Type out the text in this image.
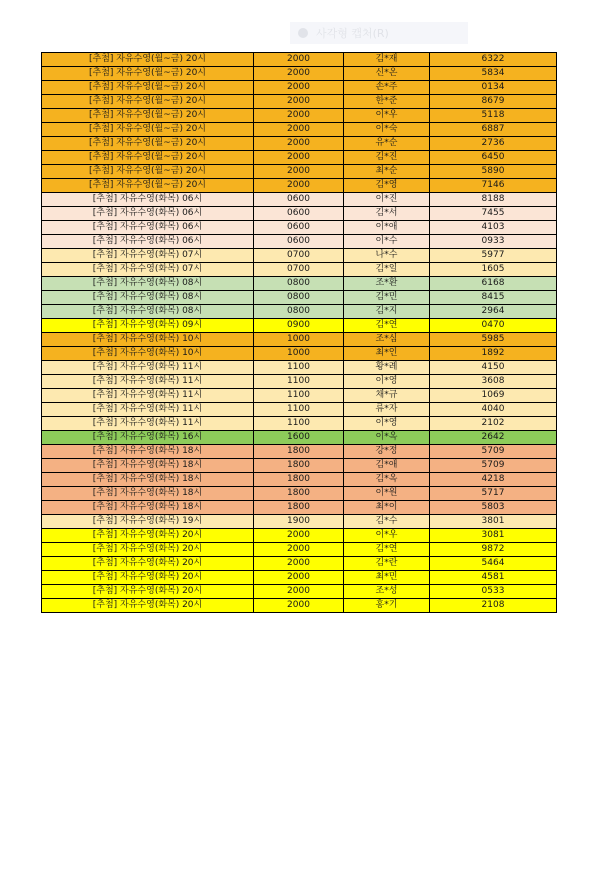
사각형 캡처(R)
[추첨] 자유수영(월~금) 20시	2000	김*재	6322
[추첨] 자유수영(월~금) 20시	2000	신*온	5834
[추첨] 자유수영(월~금) 20시	2000	손*주	0134
[추첨] 자유수영(월~금) 20시	2000	한*준	8679
[추첨] 자유수영(월~금) 20시	2000	이*우	5118
[추첨] 자유수영(월~금) 20시	2000	이*숙	6887
[추첨] 자유수영(월~금) 20시	2000	유*순	2736
[추첨] 자유수영(월~금) 20시	2000	김*진	6450
[추첨] 자유수영(월~금) 20시	2000	최*순	5890
[추첨] 자유수영(월~금) 20시	2000	김*영	7146
[추첨] 자유수영(화목) 06시	0600	이*진	8188
[추첨] 자유수영(화목) 06시	0600	김*서	7455
[추첨] 자유수영(화목) 06시	0600	이*애	4103
[추첨] 자유수영(화목) 06시	0600	이*수	0933
[추첨] 자유수영(화목) 07시	0700	나*수	5977
[추첨] 자유수영(화목) 07시	0700	김*일	1605
[추첨] 자유수영(화목) 08시	0800	조*환	6168
[추첨] 자유수영(화목) 08시	0800	김*민	8415
[추첨] 자유수영(화목) 08시	0800	김*지	2964
[추첨] 자유수영(화목) 09시	0900	김*연	0470
[추첨] 자유수영(화목) 10시	1000	조*심	5985
[추첨] 자유수영(화목) 10시	1000	최*인	1892
[추첨] 자유수영(화목) 11시	1100	황*례	4150
[추첨] 자유수영(화목) 11시	1100	이*영	3608
[추첨] 자유수영(화목) 11시	1100	채*규	1069
[추첨] 자유수영(화목) 11시	1100	류*자	4040
[추첨] 자유수영(화목) 11시	1100	이*영	2102
[추첨] 자유수영(화목) 16시	1600	이*옥	2642
[추첨] 자유수영(화목) 18시	1800	강*정	5709
[추첨] 자유수영(화목) 18시	1800	김*애	5709
[추첨] 자유수영(화목) 18시	1800	김*옥	4218
[추첨] 자유수영(화목) 18시	1800	이*원	5717
[추첨] 자유수영(화목) 18시	1800	최*이	5803
[추첨] 자유수영(화목) 19시	1900	김*수	3801
[추첨] 자유수영(화목) 20시	2000	이*우	3081
[추첨] 자유수영(화목) 20시	2000	김*연	9872
[추첨] 자유수영(화목) 20시	2000	김*란	5464
[추첨] 자유수영(화목) 20시	2000	최*민	4581
[추첨] 자유수영(화목) 20시	2000	조*성	0533
[추첨] 자유수영(화목) 20시	2000	홍*기	2108
